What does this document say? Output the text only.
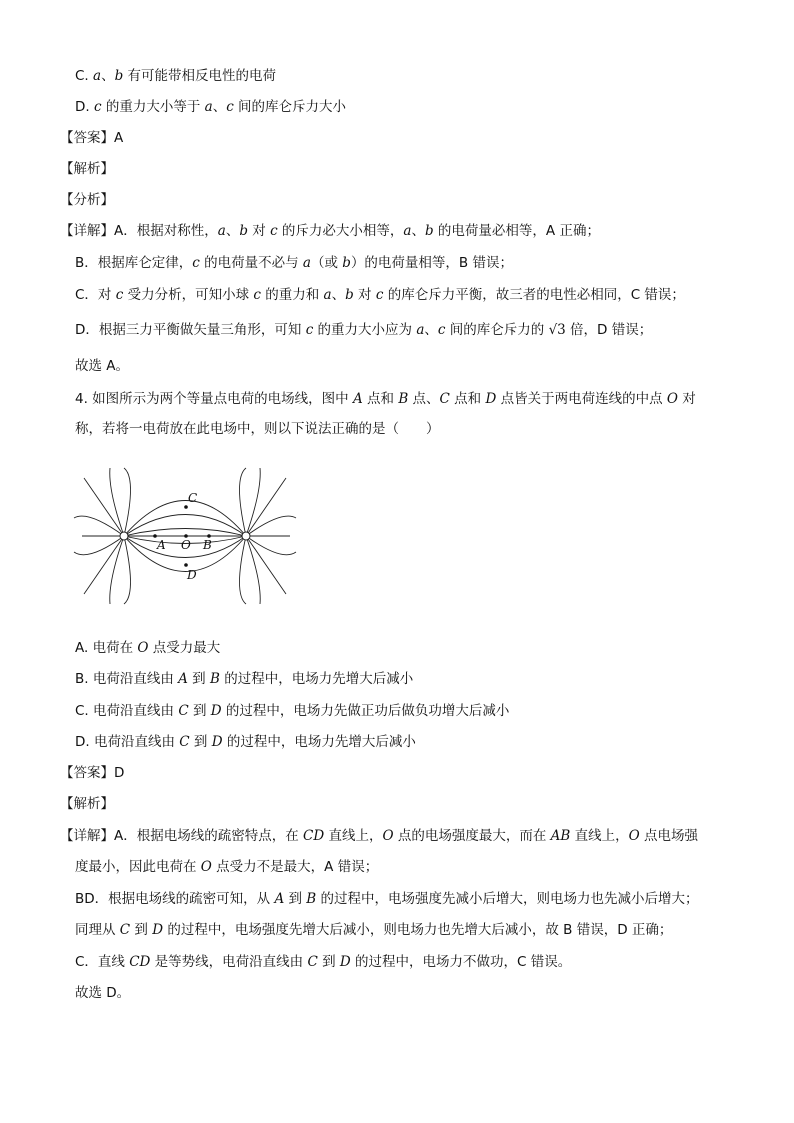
C. a、b 有可能带相反电性的电荷
D. c 的重力大小等于 a、c 间的库仑斥力大小
【答案】A
【解析】
【分析】
【详解】A．根据对称性，a、b 对 c 的斥力必大小相等，a、b 的电荷量必相等，A 正确；
B．根据库仑定律，c 的电荷量不必与 a（或 b）的电荷量相等，B 错误；
C．对 c 受力分析，可知小球 c 的重力和 a、b 对 c 的库仑斥力平衡，故三者的电性必相同，C 错误；
D．根据三力平衡做矢量三角形，可知 c 的重力大小应为 a、c 间的库仑斥力的 √3 倍，D 错误；
故选 A。
4. 如图所示为两个等量点电荷的电场线，图中 A 点和 B 点、C 点和 D 点皆关于两电荷连线的中点 O 对
称，若将一电荷放在此电场中，则以下说法正确的是（　　）
C
A O B
D
A. 电荷在 O 点受力最大
B. 电荷沿直线由 A 到 B 的过程中，电场力先增大后减小
C. 电荷沿直线由 C 到 D 的过程中，电场力先做正功后做负功增大后减小
D. 电荷沿直线由 C 到 D 的过程中，电场力先增大后减小
【答案】D
【解析】
【详解】A．根据电场线的疏密特点，在 CD 直线上，O 点的电场强度最大，而在 AB 直线上，O 点电场强
度最小，因此电荷在 O 点受力不是最大，A 错误；
BD．根据电场线的疏密可知，从 A 到 B 的过程中，电场强度先减小后增大，则电场力也先减小后增大；
同理从 C 到 D 的过程中，电场强度先增大后减小，则电场力也先增大后减小，故 B 错误，D 正确；
C．直线 CD 是等势线，电荷沿直线由 C 到 D 的过程中，电场力不做功，C 错误。
故选 D。
